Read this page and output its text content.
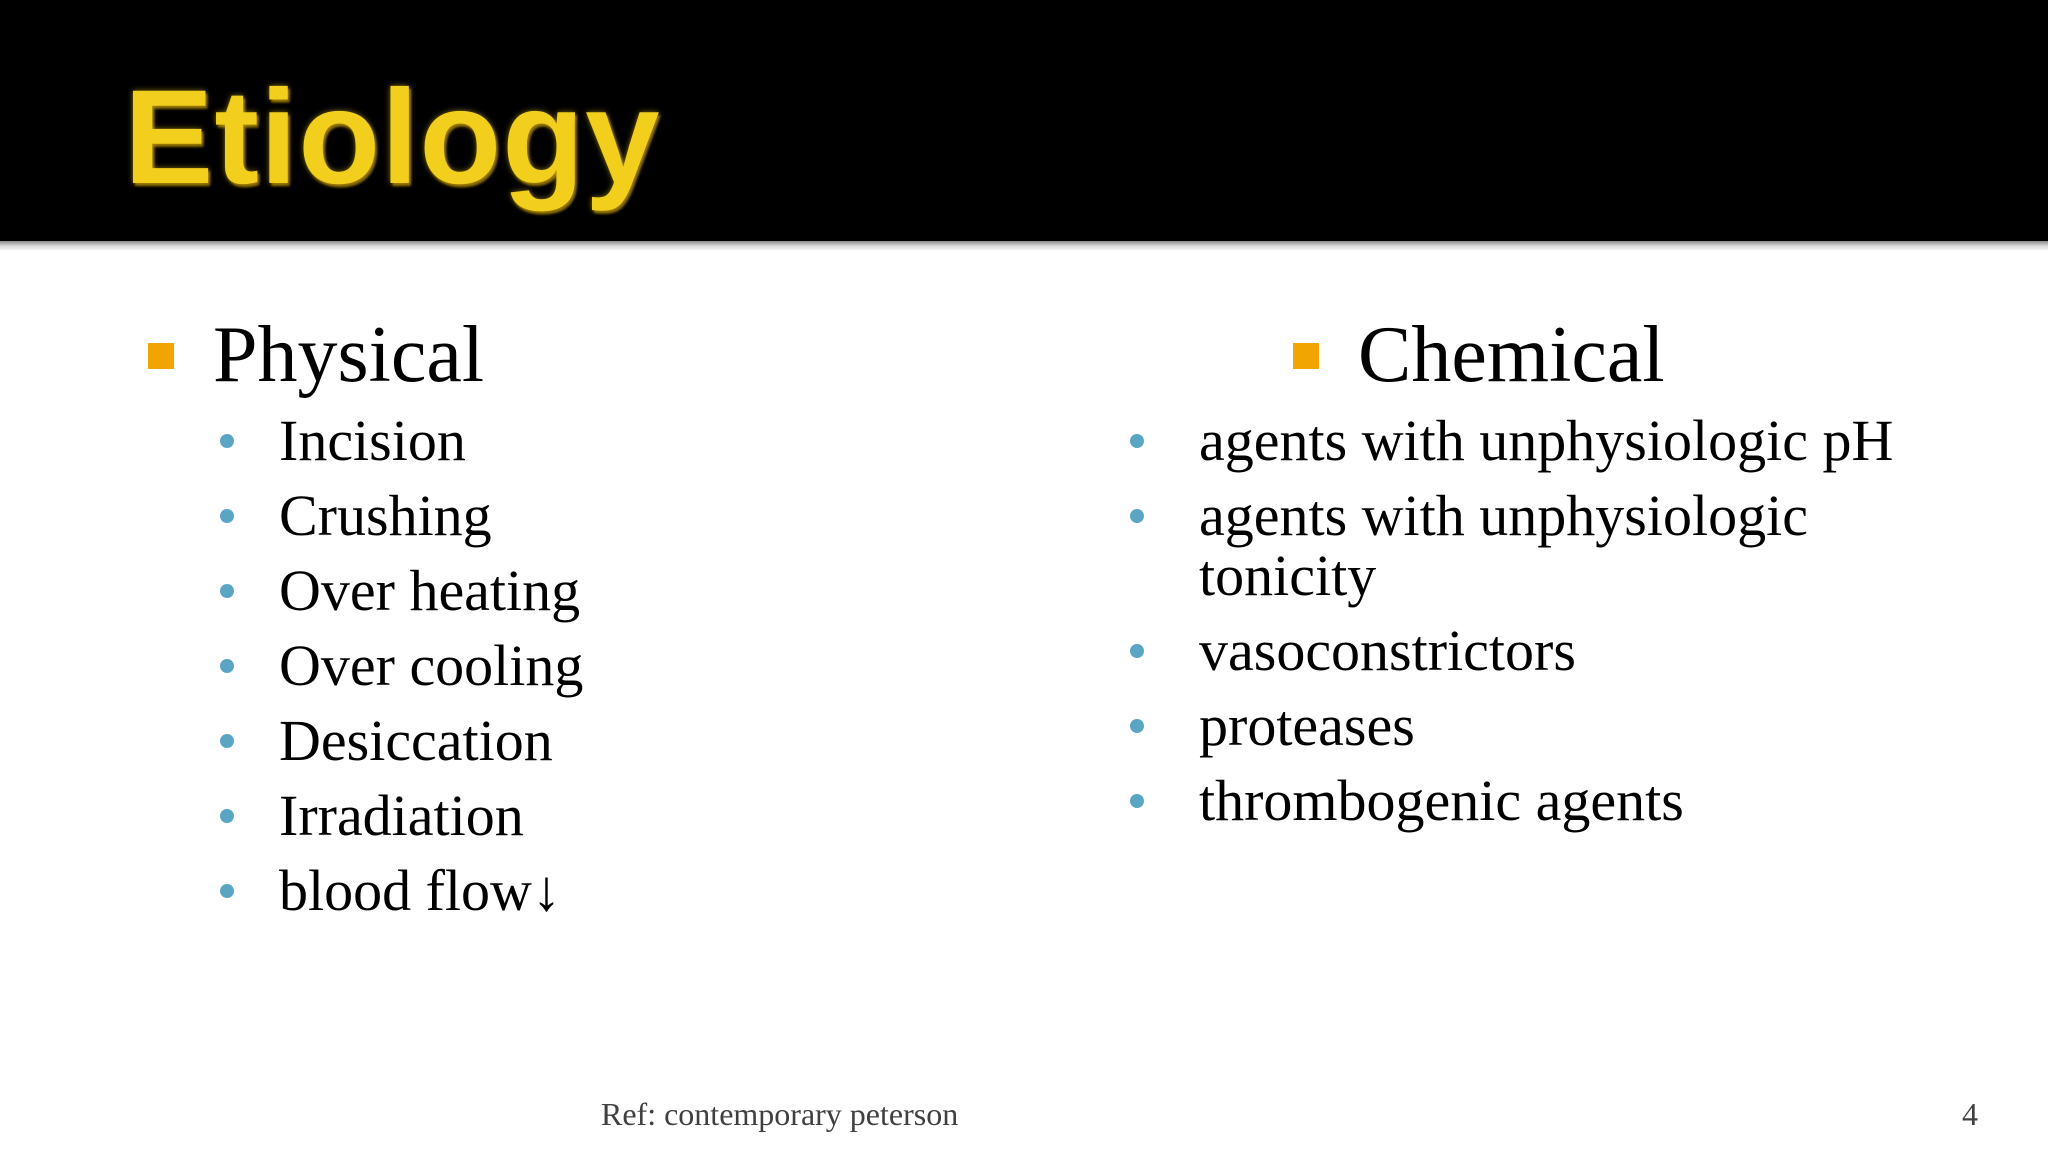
Etiology
Physical
Incision
Crushing
Over heating
Over cooling
Desiccation
Irradiation
blood flow↓
Chemical
agents with unphysiologic pH
agents with unphysiologic tonicity
vasoconstrictors
proteases
thrombogenic agents
Ref: contemporary peterson	4
